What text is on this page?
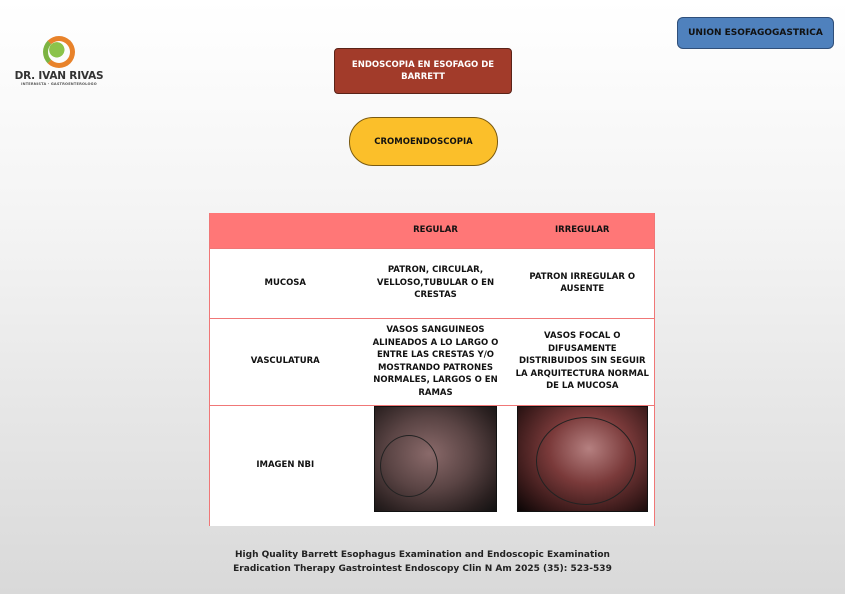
DR. IVAN RIVAS
INTERNISTA - GASTROENTEROLOGO
UNION ESOFAGOGASTRICA
ENDOSCOPIA EN ESOFAGO DE BARRETT
CROMOENDOSCOPIA
	REGULAR	IRREGULAR
MUCOSA	PATRON, CIRCULAR, VELLOSO,TUBULAR O EN CRESTAS	PATRON IRREGULAR O AUSENTE
VASCULATURA	VASOS SANGUINEOS ALINEADOS A LO LARGO O ENTRE LAS CRESTAS Y/O MOSTRANDO PATRONES NORMALES, LARGOS O EN RAMAS	VASOS FOCAL O DIFUSAMENTE DISTRIBUIDOS SIN SEGUIR LA ARQUITECTURA NORMAL DE LA MUCOSA
IMAGEN NBI	

High Quality Barrett Esophagus Examination and Endoscopic Examination
Eradication Therapy Gastrointest Endoscopy Clin N Am 2025 (35): 523-539
